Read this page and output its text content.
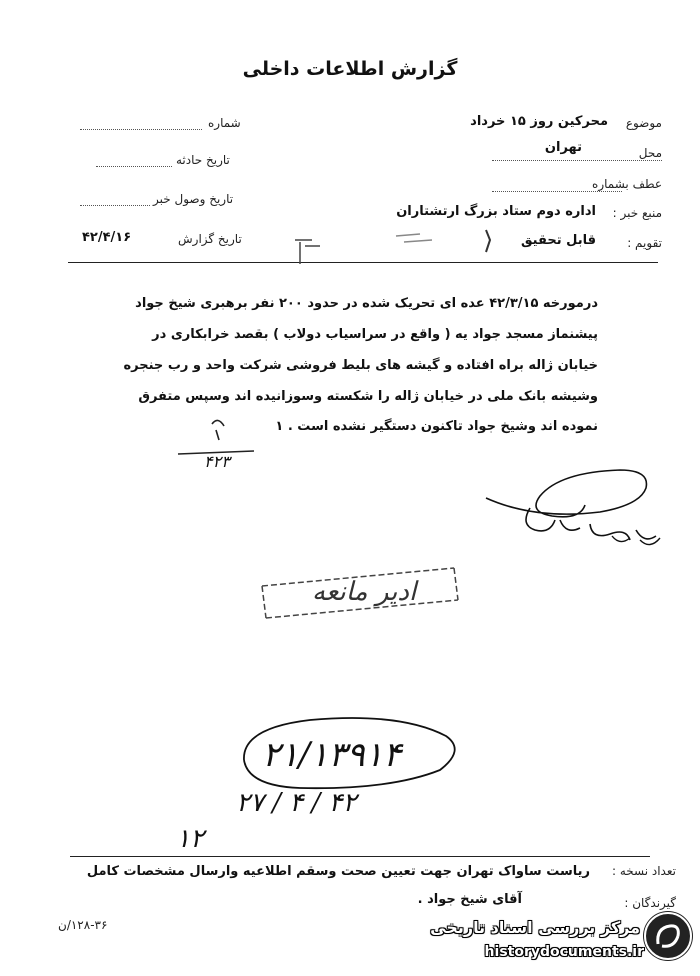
گزارش اطلاعات داخلی
موضوع
محرکین روز ۱۵ خرداد
محل
تهران
عطف بشماره
منبع خبر :
اداره دوم ستاد بزرگ ارتشتاران
تقویم :
قابل تحقیق
شماره
تاریخ حادثه
تاریخ وصول خبر
تاریخ گزارش
۴۲/۴/۱۶
درمورخه ۴۲/۳/۱۵ عده ای تحریک شده در حدود ۲۰۰ نفر برهبری شیخ جواد
پیشنماز مسجد جواد یه ( واقع در سراسیاب دولاب ) بقصد خرابکاری در
خیابان ژاله براه افتاده و گیشه های بلیط فروشی شرکت واحد و رب جنجره
وشیشه بانک ملی در خیابان ژاله را شکسته وسوزانیده اند وسپس متفرق
نموده اند وشیخ جواد تاکنون دستگیر نشده است . ۱
۴۲۳
۲۱/۱۳۹۱۴
۲۷ / ۴ / ۴۲
۱۲
ادیر مانعه
تعداد نسخه :
ریاست ساواک تهران جهت تعیین صحت وسقم اطلاعیه وارسال مشخصات کامل
گیرندگان :
آقای شیخ جواد .
۱۲۸-۳۶/ن	مرکز بررسی اسناد تاریخی
historydocuments.ir
